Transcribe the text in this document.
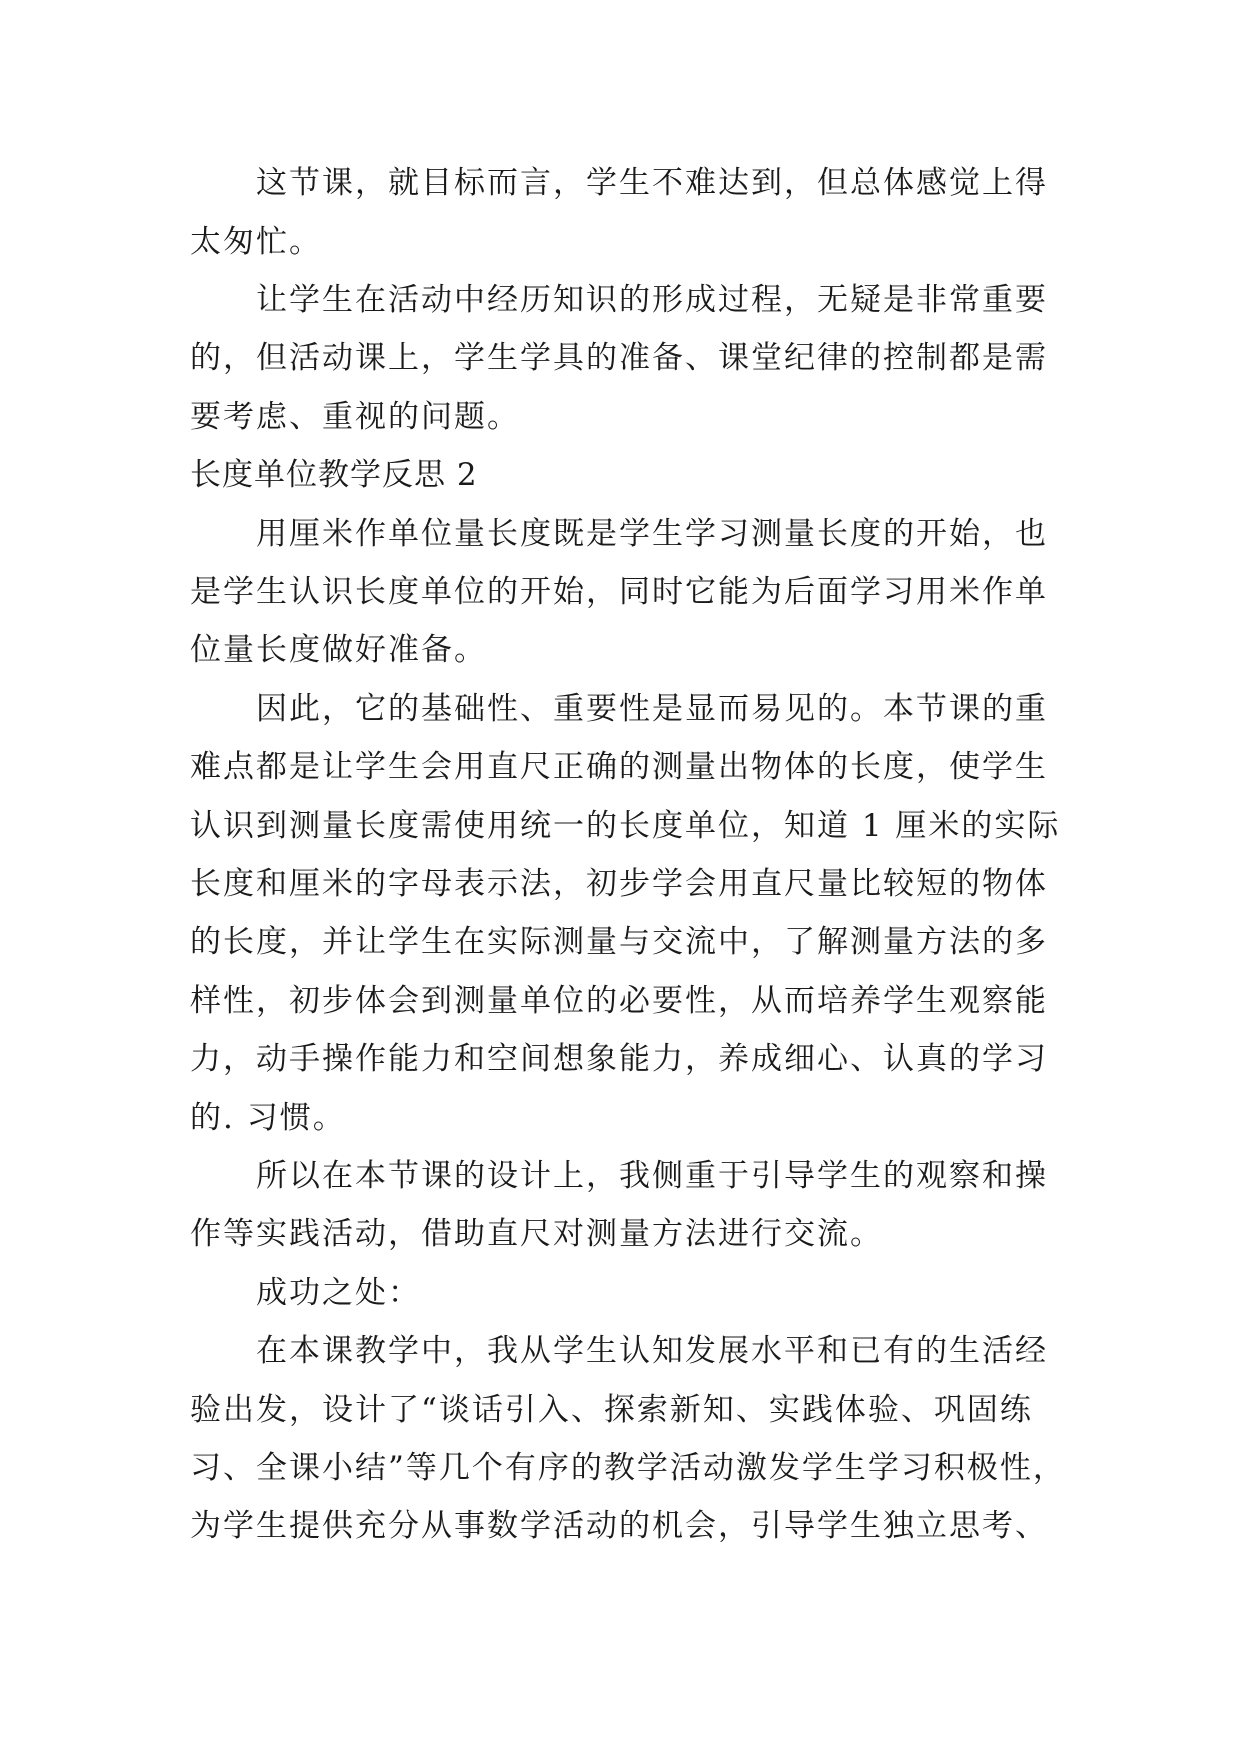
这节课，就目标而言，学生不难达到，但总体感觉上得
太匆忙。
让学生在活动中经历知识的形成过程，无疑是非常重要
的，但活动课上，学生学具的准备、课堂纪律的控制都是需
要考虑、重视的问题。
长度单位教学反思 2
用厘米作单位量长度既是学生学习测量长度的开始，也
是学生认识长度单位的开始，同时它能为后面学习用米作单
位量长度做好准备。
因此，它的基础性、重要性是显而易见的。本节课的重
难点都是让学生会用直尺正确的测量出物体的长度，使学生
认识到测量长度需使用统一的长度单位，知道 1 厘米的实际
长度和厘米的字母表示法，初步学会用直尺量比较短的物体
的长度，并让学生在实际测量与交流中，了解测量方法的多
样性，初步体会到测量单位的必要性，从而培养学生观察能
力，动手操作能力和空间想象能力，养成细心、认真的学习
的. 习惯。
所以在本节课的设计上，我侧重于引导学生的观察和操
作等实践活动，借助直尺对测量方法进行交流。
成功之处：
在本课教学中，我从学生认知发展水平和已有的生活经
验出发，设计了“谈话引入、探索新知、实践体验、巩固练
习、全课小结”等几个有序的教学活动激发学生学习积极性，
为学生提供充分从事数学活动的机会，引导学生独立思考、
